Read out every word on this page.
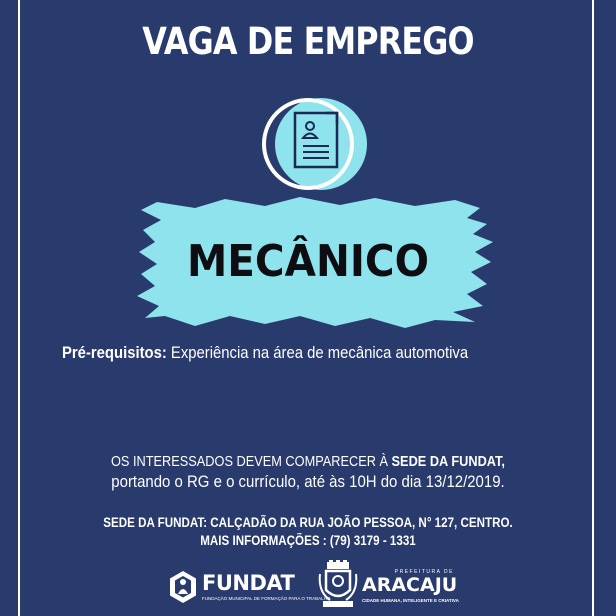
VAGA DE EMPREGO
MECÂNICO
Pré-requisitos: Experiência na área de mecânica automotiva
OS INTERESSADOS DEVEM COMPARECER À SEDE DA FUNDAT,
portando o RG e o currículo, até às 10H do dia 13/12/2019.
SEDE DA FUNDAT: CALÇADÃO DA RUA JOÃO PESSOA, N° 127, CENTRO.
MAIS INFORMAÇÕES : (79) 3179 - 1331
FUNDAT
FUNDAÇÃO MUNICIPAL DE FORMAÇÃO PARA O TRABALHO
PREFEITURA DE
ARACAJU
CIDADE HUMANA, INTELIGENTE E CRIATIVA
